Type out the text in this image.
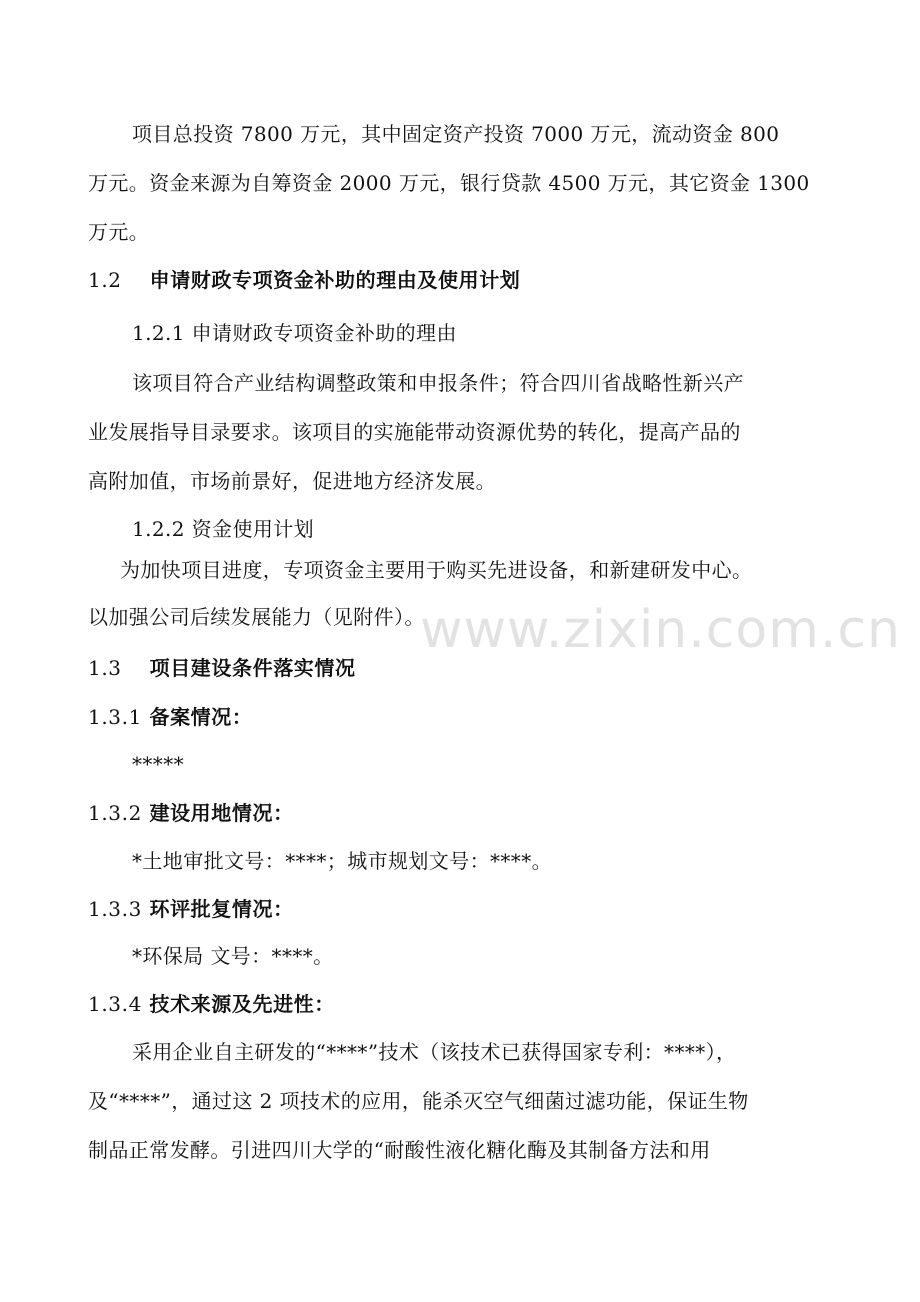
www.zixin.com.cn
项目总投资 7800 万元，其中固定资产投资 7000 万元，流动资金 800
万元。资金来源为自筹资金 2000 万元，银行贷款 4500 万元，其它资金 1300
万元。
1.2 申请财政专项资金补助的理由及使用计划
1.2.1 申请财政专项资金补助的理由
该项目符合产业结构调整政策和申报条件；符合四川省战略性新兴产
业发展指导目录要求。该项目的实施能带动资源优势的转化，提高产品的
高附加值，市场前景好，促进地方经济发展。
1.2.2 资金使用计划
为加快项目进度，专项资金主要用于购买先进设备，和新建研发中心。
以加强公司后续发展能力（见附件）。
1.3 项目建设条件落实情况
1.3.1 备案情况：
*****
1.3.2 建设用地情况：
*土地审批文号：****；城市规划文号：****。
1.3.3 环评批复情况：
*环保局 文号：****。
1.3.4 技术来源及先进性：
采用企业自主研发的“****”技术（该技术已获得国家专利：****），
及“****”，通过这 2 项技术的应用，能杀灭空气细菌过滤功能，保证生物
制品正常发酵。引进四川大学的“耐酸性液化糖化酶及其制备方法和用
